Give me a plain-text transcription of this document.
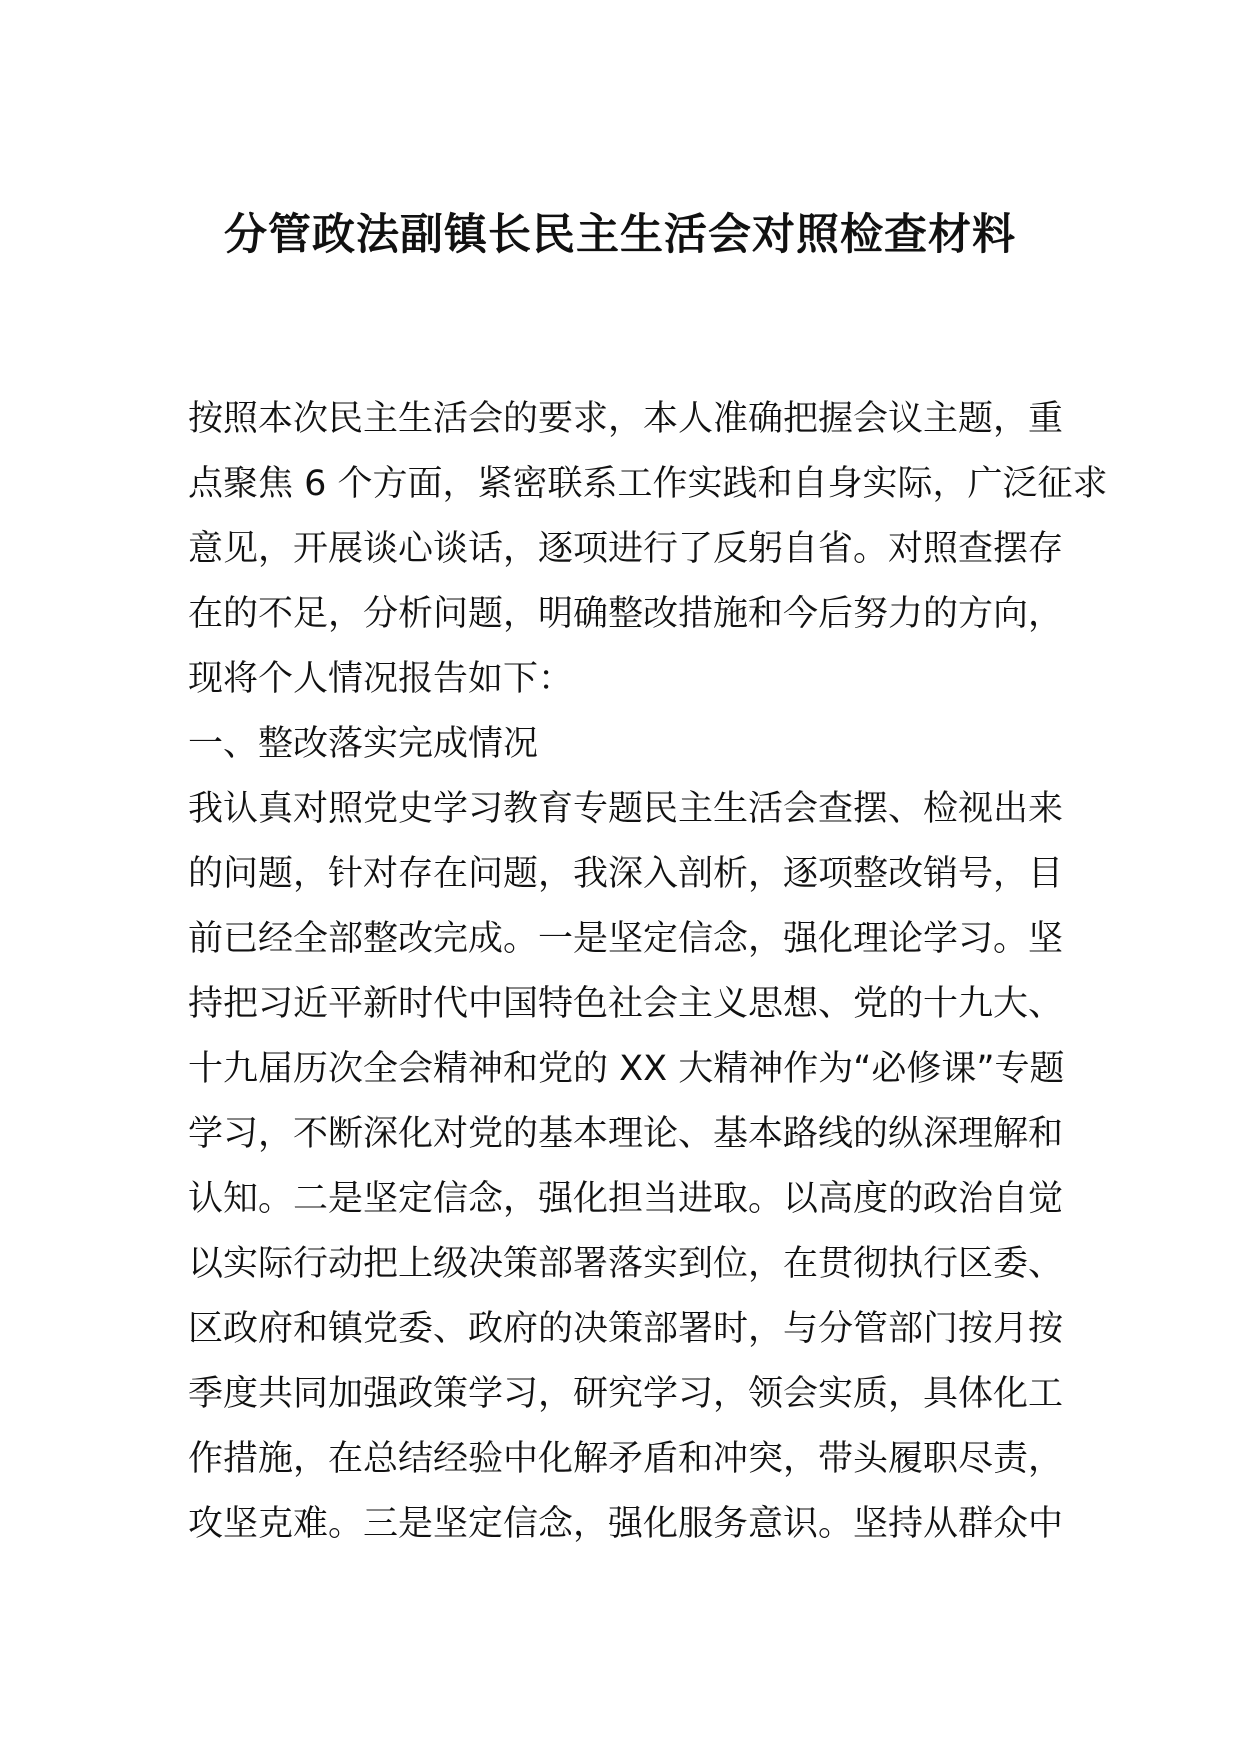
分管政法副镇长民主生活会对照检查材料
按照本次民主生活会的要求，本人准确把握会议主题，重
点聚焦 6 个方面，紧密联系工作实践和自身实际，广泛征求
意见，开展谈心谈话，逐项进行了反躬自省。对照查摆存
在的不足，分析问题，明确整改措施和今后努力的方向，
现将个人情况报告如下：
一、整改落实完成情况
我认真对照党史学习教育专题民主生活会查摆、检视出来
的问题，针对存在问题，我深入剖析，逐项整改销号，目
前已经全部整改完成。一是坚定信念，强化理论学习。坚
持把习近平新时代中国特色社会主义思想、党的十九大、
十九届历次全会精神和党的 XX 大精神作为“必修课”专题
学习，不断深化对党的基本理论、基本路线的纵深理解和
认知。二是坚定信念，强化担当进取。以高度的政治自觉
以实际行动把上级决策部署落实到位，在贯彻执行区委、
区政府和镇党委、政府的决策部署时，与分管部门按月按
季度共同加强政策学习，研究学习，领会实质，具体化工
作措施，在总结经验中化解矛盾和冲突，带头履职尽责，
攻坚克难。三是坚定信念，强化服务意识。坚持从群众中
